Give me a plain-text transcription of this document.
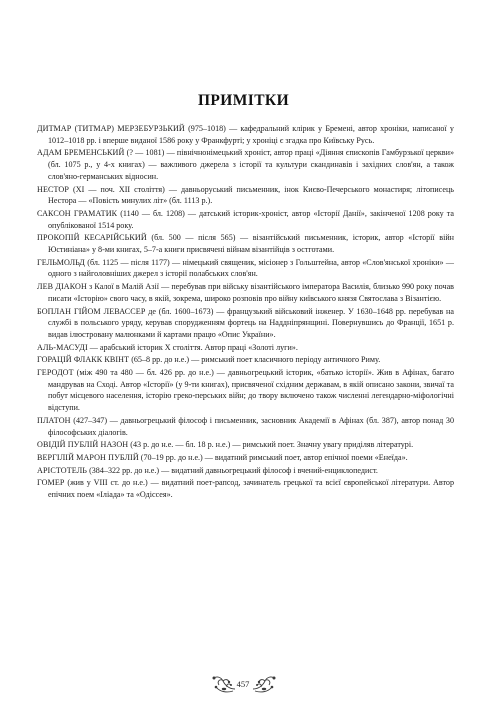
ПРИМІТКИ

ДИТМАР (ТИТМАР) МЕРЗЕБУРЗЬКИЙ (975–1018) — кафедральний клірик у Бремені, автор хроніки, написаної у 1012–1018 рр. і вперше виданої 1586 року у Франкфурті; у хроніці є згадка про Київську Русь.

АДАМ БРЕМЕНСЬКИЙ (? — 1081) — північнонімецький хроніст, автор праці «Діяння єпископів Гамбурзької церкви» (бл. 1075 р., у 4-х книгах) — важливого джерела з історії та культури скандинавів і західних слов'ян, а також слов'яно-германських відносин.

НЕСТОР (XI — поч. XII століття) — давньоруський письменник, інок Києво-Печерського монастиря; літописець Нестора — «Повість минулих літ» (бл. 1113 р.).

САКСОН ГРАМАТИК (1140 — бл. 1208) — датський історик-хроніст, автор «Історії Данії», закінченої 1208 року та опублікованої 1514 року.

ПРОКОПІЙ КЕСАРІЙСЬКИЙ (бл. 500 — після 565) — візантійський письменник, історик, автор «Історії війн Юстиніана» у 8-ми книгах, 5–7-а книги присвячені війнам візантійців з остготами.

ГЕЛЬМОЛЬД (бл. 1125 — після 1177) — німецький священик, місіонер з Гольштейна, автор «Слов'янської хроніки» — одного з найголовніших джерел з історії полабських слов'ян.

ЛЕВ ДІАКОН з Калої в Малій Азії — перебував при війську візантійського імператора Василія, близько 990 року почав писати «Історію» свого часу, в якій, зокрема, широко розповів про війну київського князя Святослава з Візантією.

БОПЛАН ГІЙОМ ЛЕВАССЕР де (бл. 1600–1673) — французький військовий інженер. У 1630–1648 рр. перебував на службі в польського уряду, керував спорудженням фортець на Наддніпрянщині. Повернувшись до Франції, 1651 р. видав ілюстровану малюнками й картами працю «Опис України».

АЛЬ-МАСУДІ — арабський історик X століття. Автор праці «Золоті луги».

ГОРАЦІЙ ФЛАКК КВІНТ (65–8 рр. до н.е.) — римський поет класичного періоду античного Риму.

ГЕРОДОТ (між 490 та 480 — бл. 426 рр. до н.е.) — давньогрецький історик, «батько історії». Жив в Афінах, багато мандрував на Сході. Автор «Історії» (у 9-ти книгах), присвяченої східним державам, в якій описано закони, звичаї та побут місцевого населення, історію греко-перських війн; до твору включено також численні легендарно-міфологічні відступи.

ПЛАТОН (427–347) — давньогрецький філософ і письменник, засновник Академії в Афінах (бл. 387), автор понад 30 філософських діалогів.

ОВІДІЙ ПУБЛІЙ НАЗОН (43 р. до н.е. — бл. 18 р. н.е.) — римський поет. Значну увагу приділяв літературі.

ВЕРГІЛІЙ МАРОН ПУБЛІЙ (70–19 рр. до н.е.) — видатний римський поет, автор епічної поеми «Енеїда».

АРІСТОТЕЛЬ (384–322 рр. до н.е.) — видатний давньогрецький філософ і вчений-енциклопедист.

ГОМЕР (жив у VIII ст. до н.е.) — видатний поет-рапсод, зачинатель грецької та всієї європейської літератури. Автор епічних поем «Іліада» та «Одіссея».

457
